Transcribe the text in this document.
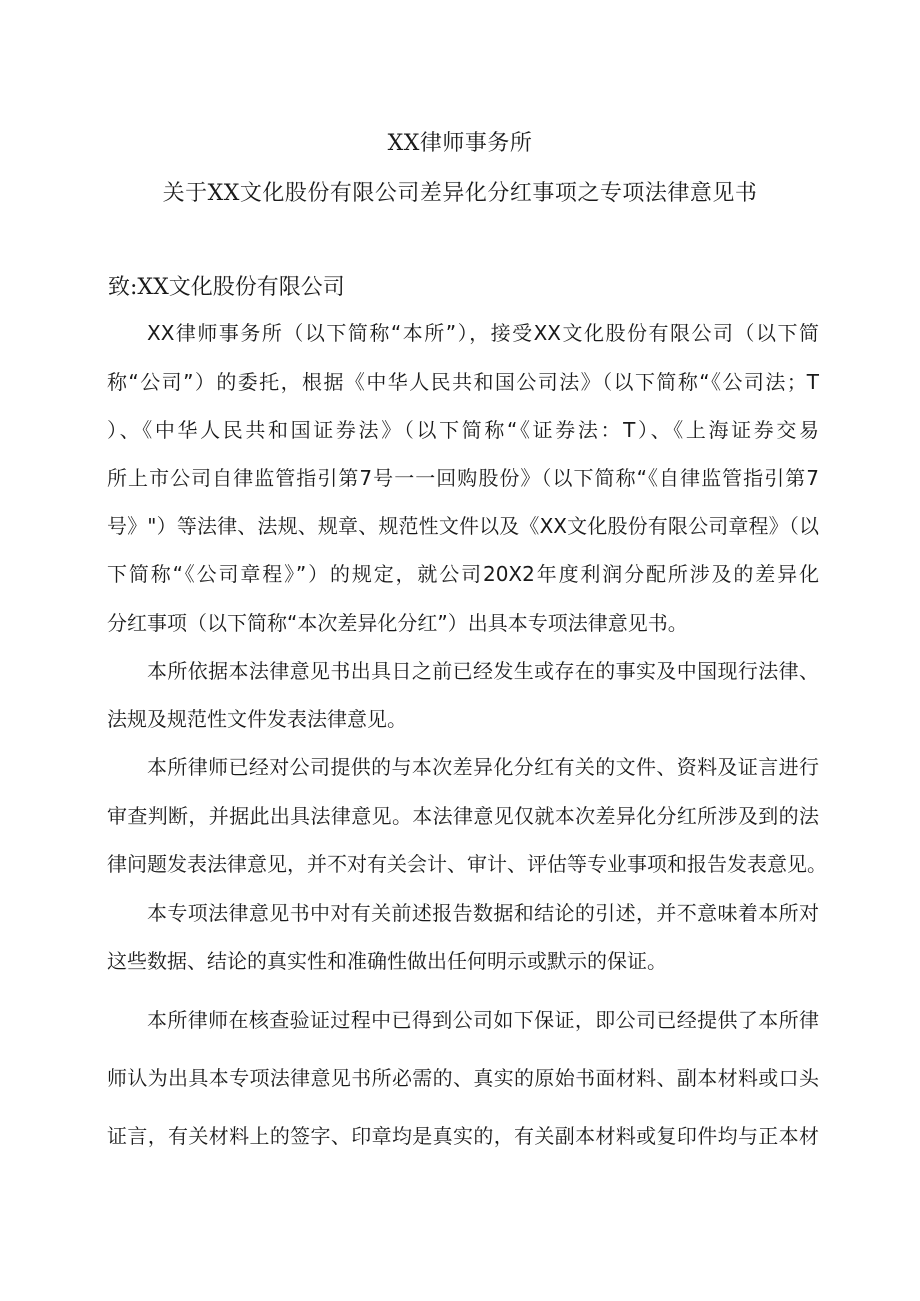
XX律师事务所
关于XX文化股份有限公司差异化分红事项之专项法律意见书
致:XX文化股份有限公司
XX律师事务所（以下简称“本所”），接受XX文化股份有限公司（以下简
称“公司”）的委托，根据《中华人民共和国公司法》（以下简称“《公司法；T
）、《中华人民共和国证券法》（以下简称“《证券法：T）、《上海证券交易
所上市公司自律监管指引第7号一一回购股份》（以下简称“《自律监管指引第7
号》"）等法律、法规、规章、规范性文件以及《XX文化股份有限公司章程》（以
下简称“《公司章程》”）的规定，就公司20X2年度利润分配所涉及的差异化
分红事项（以下简称“本次差异化分红”）出具本专项法律意见书。
本所依据本法律意见书出具日之前已经发生或存在的事实及中国现行法律、
法规及规范性文件发表法律意见。
本所律师已经对公司提供的与本次差异化分红有关的文件、资料及证言进行
审查判断，并据此出具法律意见。本法律意见仅就本次差异化分红所涉及到的法
律问题发表法律意见，并不对有关会计、审计、评估等专业事项和报告发表意见。
本专项法律意见书中对有关前述报告数据和结论的引述，并不意味着本所对
这些数据、结论的真实性和准确性做出任何明示或默示的保证。
本所律师在核查验证过程中已得到公司如下保证，即公司已经提供了本所律
师认为出具本专项法律意见书所必需的、真实的原始书面材料、副本材料或口头
证言，有关材料上的签字、印章均是真实的，有关副本材料或复印件均与正本材
